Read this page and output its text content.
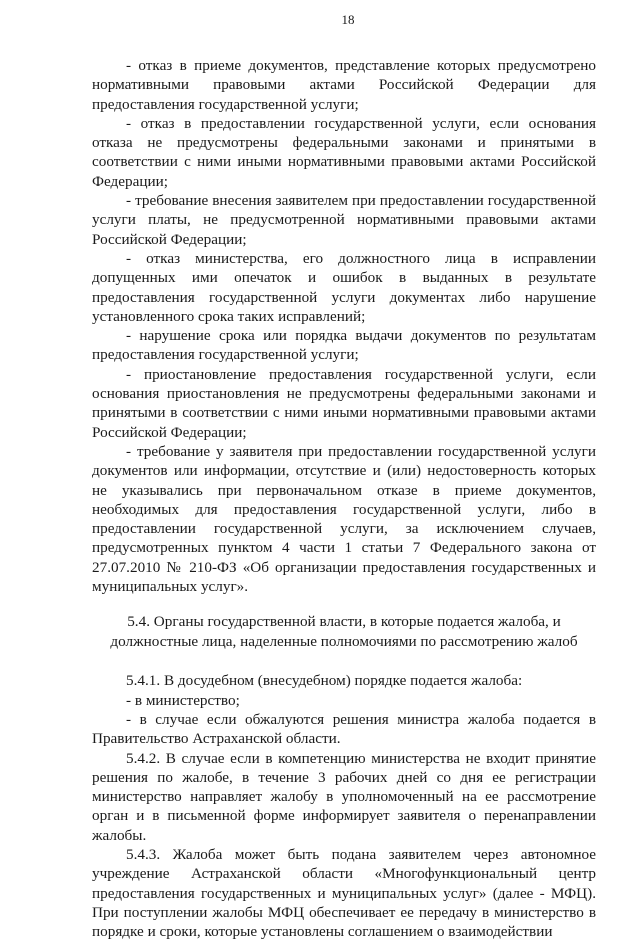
18

- отказ в приеме документов, представление которых предусмотрено нормативными правовыми актами Российской Федерации для предоставления государственной услуги;

- отказ в предоставлении государственной услуги, если основания отказа не предусмотрены федеральными законами и принятыми в соответствии с ними иными нормативными правовыми актами Российской Федерации;

- требование внесения заявителем при предоставлении государственной услуги платы, не предусмотренной нормативными правовыми актами Российской Федерации;

- отказ министерства, его должностного лица в исправлении допущенных ими опечаток и ошибок в выданных в результате предоставления государственной услуги документах либо нарушение установленного срока таких исправлений;

- нарушение срока или порядка выдачи документов по результатам предоставления государственной услуги;

- приостановление предоставления государственной услуги, если основания приостановления не предусмотрены федеральными законами и принятыми в соответствии с ними иными нормативными правовыми актами Российской Федерации;

- требование у заявителя при предоставлении государственной услуги документов или информации, отсутствие и (или) недостоверность которых не указывались при первоначальном отказе в приеме документов, необходимых для предоставления государственной услуги, либо в предоставлении государственной услуги, за исключением случаев, предусмотренных пунктом 4 части 1 статьи 7 Федерального закона от 27.07.2010 № 210-ФЗ «Об организации предоставления государственных и муниципальных услуг».

5.4. Органы государственной власти, в которые подается жалоба, и должностные лица, наделенные полномочиями по рассмотрению жалоб

5.4.1. В досудебном (внесудебном) порядке подается жалоба:

- в министерство;

- в случае если обжалуются решения министра жалоба подается в Правительство Астраханской области.

5.4.2. В случае если в компетенцию министерства не входит принятие решения по жалобе, в течение 3 рабочих дней со дня ее регистрации министерство направляет жалобу в уполномоченный на ее рассмотрение орган и в письменной форме информирует заявителя о перенаправлении жалобы.

5.4.3. Жалоба может быть подана заявителем через автономное учреждение Астраханской области «Многофункциональный центр предоставления государственных и муниципальных услуг» (далее - МФЦ). При поступлении жалобы МФЦ обеспечивает ее передачу в министерство в порядке и сроки, которые установлены соглашением о взаимодействии
